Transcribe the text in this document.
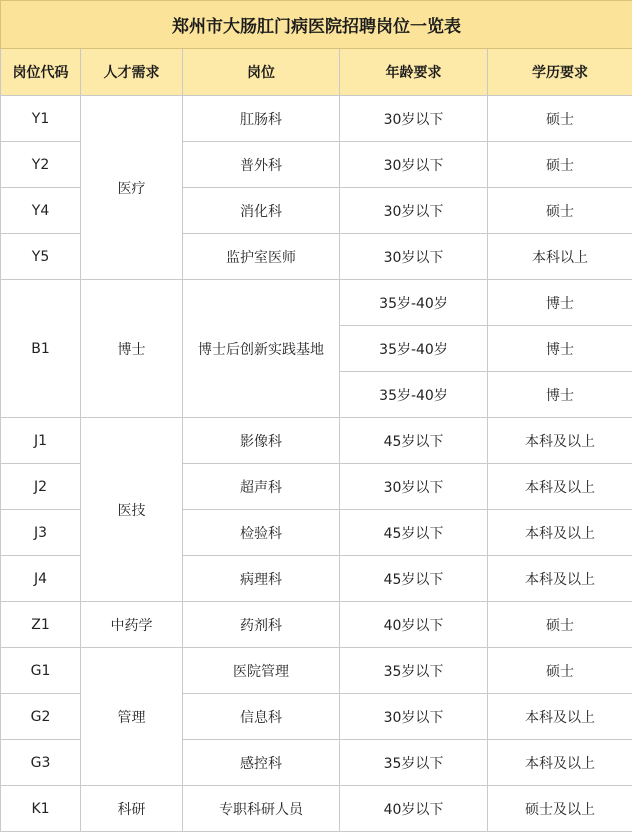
郑州市大肠肛门病医院招聘岗位一览表				
岗位代码	人才需求	岗位	年龄要求	学历要求
Y1	医疗	肛肠科	30岁以下	硕士
Y2		普外科	30岁以下	硕士
Y4		消化科	30岁以下	硕士
Y5		监护室医师	30岁以下	本科以上
B1	博士	博士后创新实践基地	35岁-40岁	博士
			35岁-40岁	博士
			35岁-40岁	博士
J1	医技	影像科	45岁以下	本科及以上
J2		超声科	30岁以下	本科及以上
J3		检验科	45岁以下	本科及以上
J4		病理科	45岁以下	本科及以上
Z1	中药学	药剂科	40岁以下	硕士
G1	管理	医院管理	35岁以下	硕士
G2		信息科	30岁以下	本科及以上
G3		感控科	35岁以下	本科及以上
K1	科研	专职科研人员	40岁以下	硕士及以上
